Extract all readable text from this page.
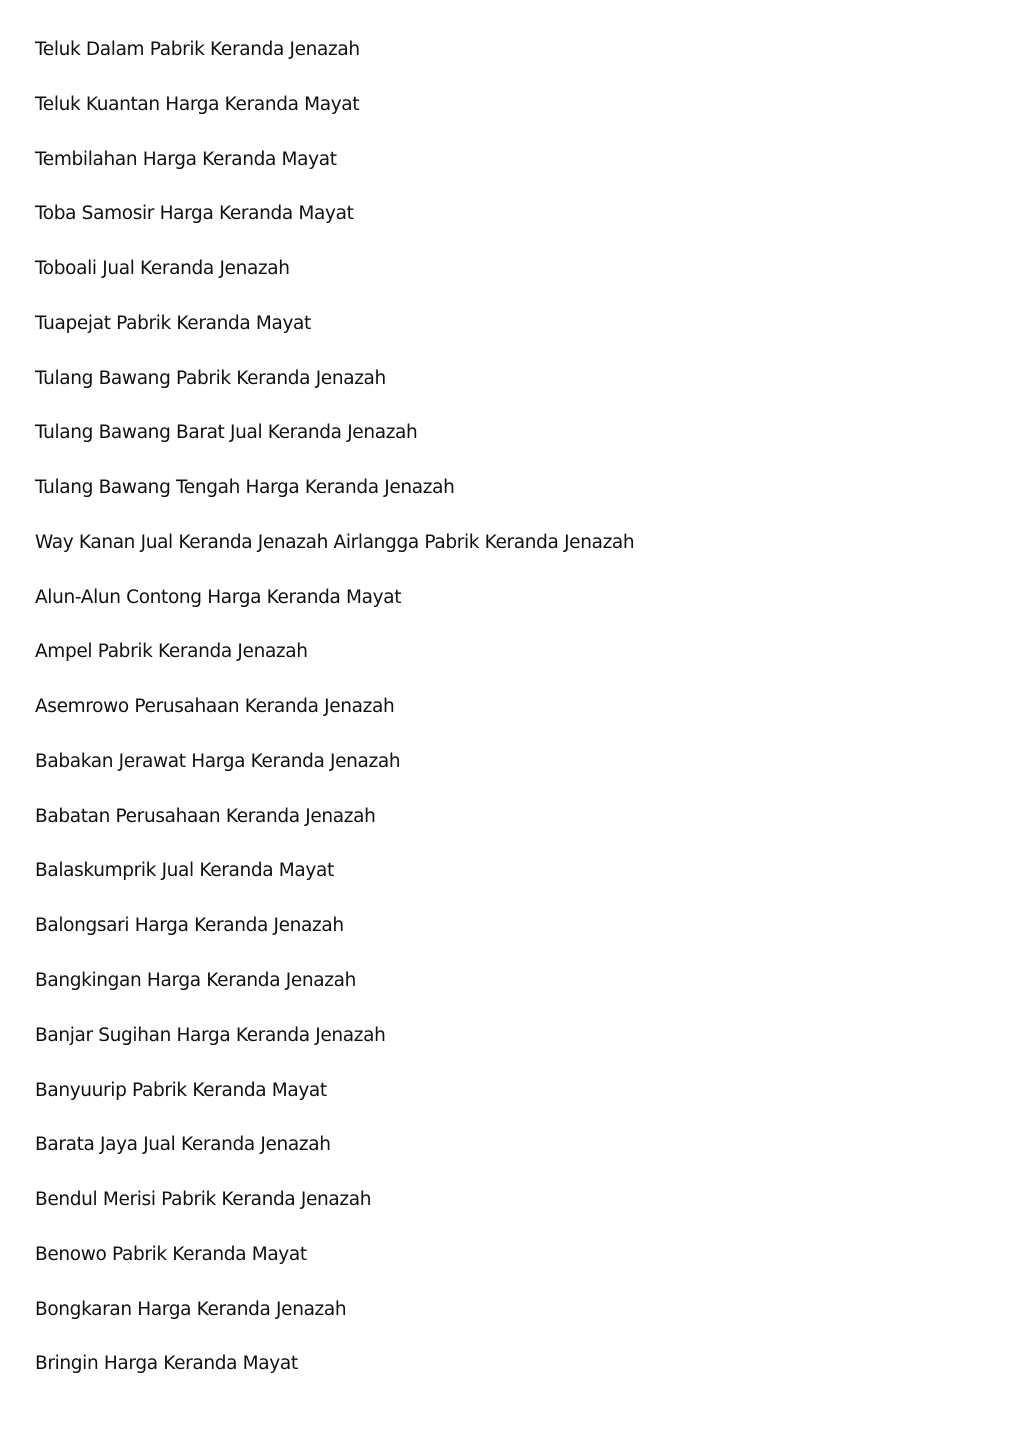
Teluk Dalam Pabrik Keranda Jenazah
Teluk Kuantan Harga Keranda Mayat
Tembilahan Harga Keranda Mayat
Toba Samosir Harga Keranda Mayat
Toboali Jual Keranda Jenazah
Tuapejat Pabrik Keranda Mayat
Tulang Bawang Pabrik Keranda Jenazah
Tulang Bawang Barat Jual Keranda Jenazah
Tulang Bawang Tengah Harga Keranda Jenazah
Way Kanan Jual Keranda Jenazah Airlangga Pabrik Keranda Jenazah
Alun-Alun Contong Harga Keranda Mayat
Ampel Pabrik Keranda Jenazah
Asemrowo Perusahaan Keranda Jenazah
Babakan Jerawat Harga Keranda Jenazah
Babatan Perusahaan Keranda Jenazah
Balaskumprik Jual Keranda Mayat
Balongsari Harga Keranda Jenazah
Bangkingan Harga Keranda Jenazah
Banjar Sugihan Harga Keranda Jenazah
Banyuurip Pabrik Keranda Mayat
Barata Jaya Jual Keranda Jenazah
Bendul Merisi Pabrik Keranda Jenazah
Benowo Pabrik Keranda Mayat
Bongkaran Harga Keranda Jenazah
Bringin Harga Keranda Mayat
